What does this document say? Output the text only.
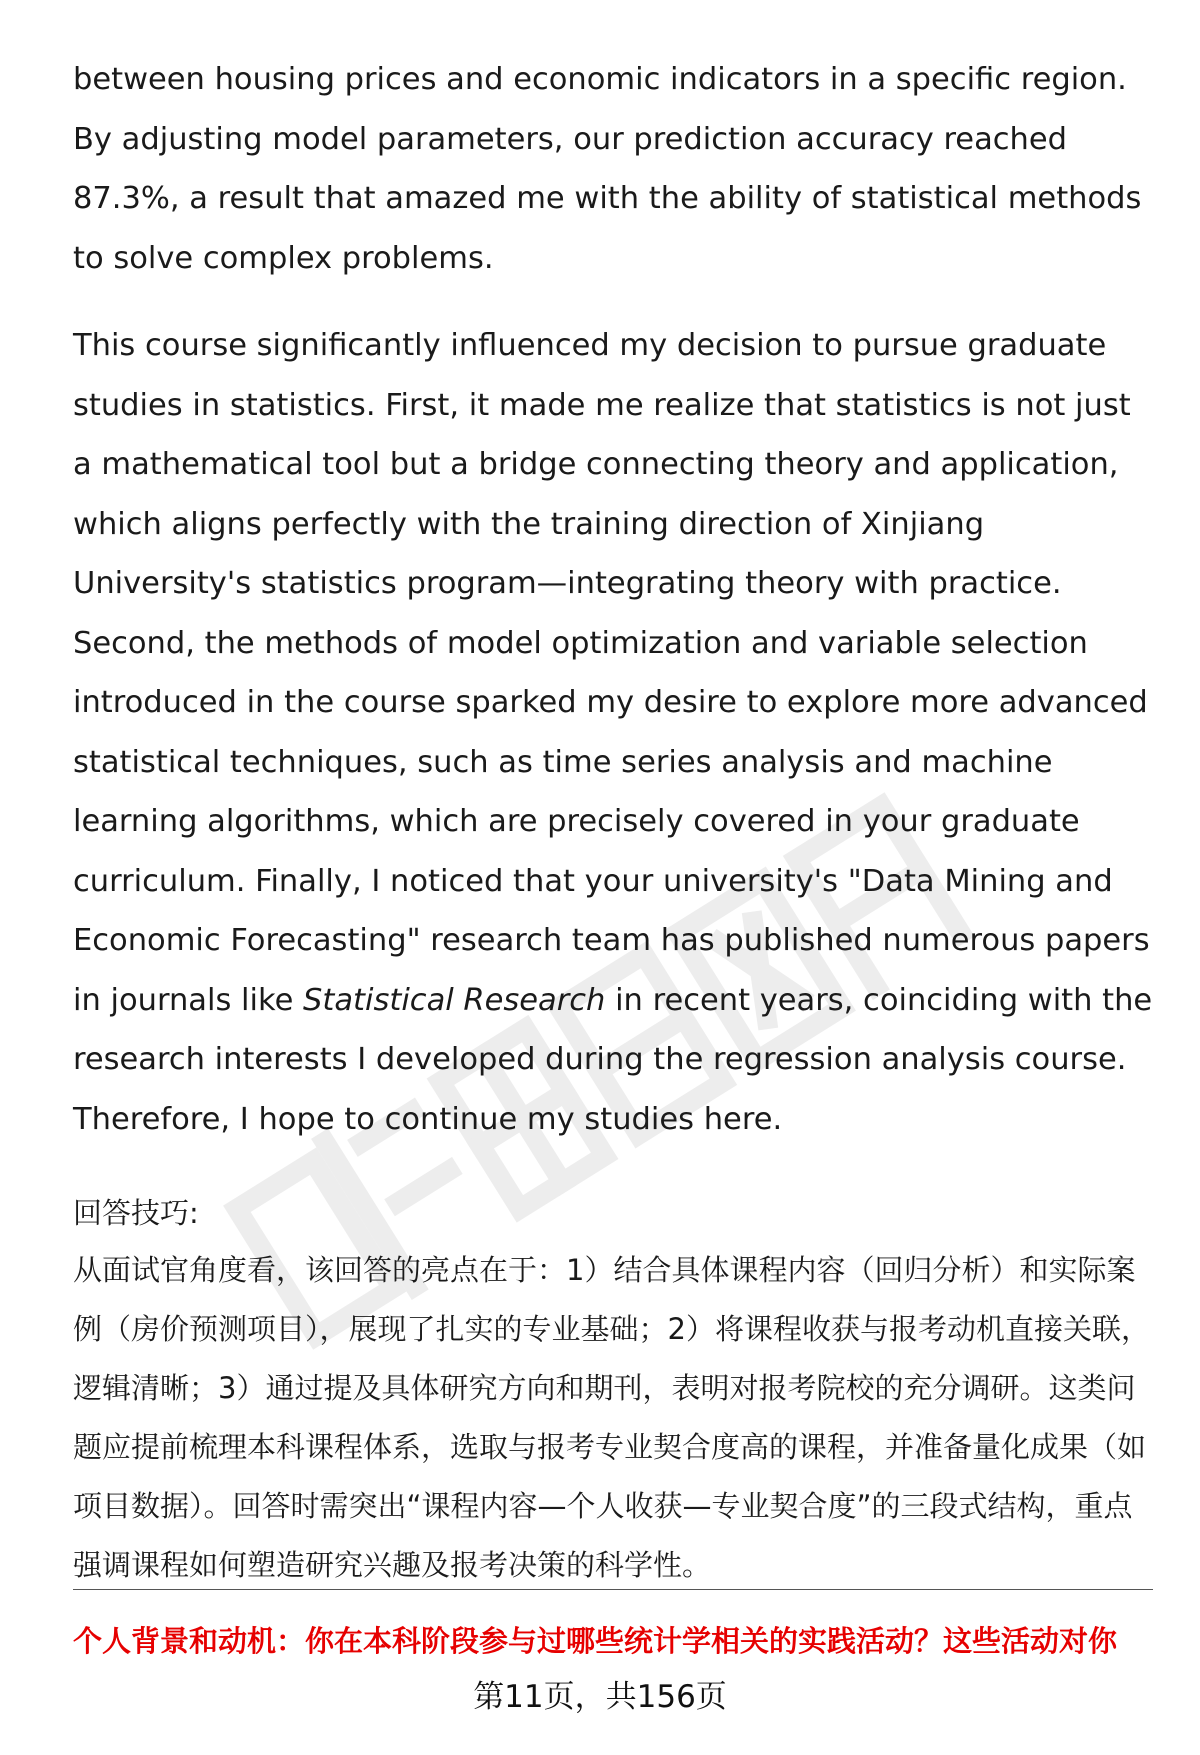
between housing prices and economic indicators in a specific region. By adjusting model parameters, our prediction accuracy reached 87.3%, a result that amazed me with the ability of statistical methods to solve complex problems.

This course significantly influenced my decision to pursue graduate studies in statistics. First, it made me realize that statistics is not just a mathematical tool but a bridge connecting theory and application, which aligns perfectly with the training direction of Xinjiang University's statistics program—integrating theory with practice. Second, the methods of model optimization and variable selection introduced in the course sparked my desire to explore more advanced statistical techniques, such as time series analysis and machine learning algorithms, which are precisely covered in your graduate curriculum. Finally, I noticed that your university's "Data Mining and Economic Forecasting" research team has published numerous papers in journals like Statistical Research in recent years, coinciding with the research interests I developed during the regression analysis course. Therefore, I hope to continue my studies here.

回答技巧:

从面试官角度看，该回答的亮点在于：1）结合具体课程内容（回归分析）和实际案例（房价预测项目），展现了扎实的专业基础；2）将课程收获与报考动机直接关联，逻辑清晰；3）通过提及具体研究方向和期刊，表明对报考院校的充分调研。这类问题应提前梳理本科课程体系，选取与报考专业契合度高的课程，并准备量化成果（如项目数据）。回答时需突出“课程内容—个人收获—专业契合度”的三段式结构，重点强调课程如何塑造研究兴趣及报考决策的科学性。

个人背景和动机：你在本科阶段参与过哪些统计学相关的实践活动？这些活动对你
第11页，共156页
